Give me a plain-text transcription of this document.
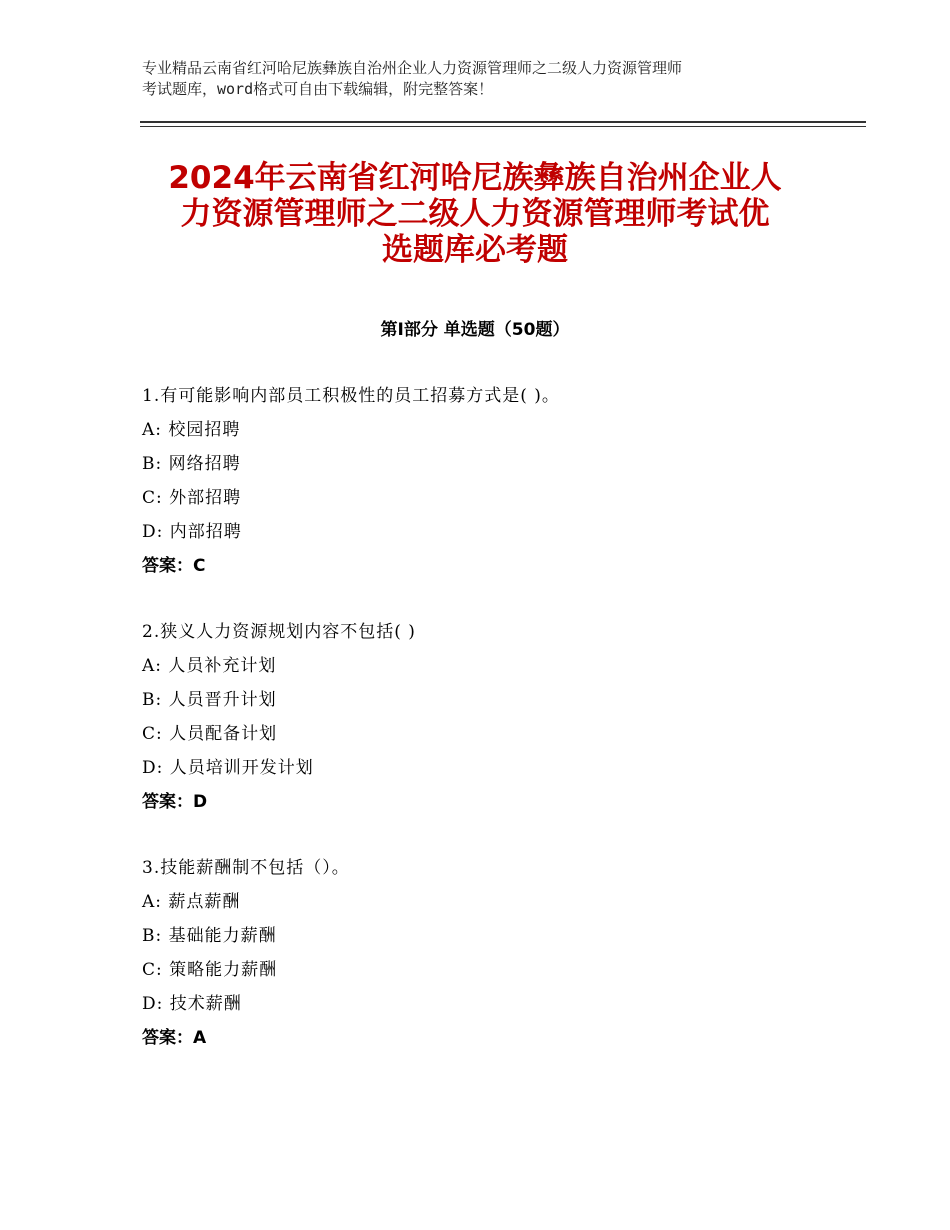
专业精品云南省红河哈尼族彝族自治州企业人力资源管理师之二级人力资源管理师
考试题库，word格式可自由下载编辑，附完整答案！
2024年云南省红河哈尼族彝族自治州企业人
力资源管理师之二级人力资源管理师考试优
选题库必考题
第Ⅰ部分 单选题（50题）
1.有可能影响内部员工积极性的员工招募方式是( )。
A: 校园招聘
B: 网络招聘
C: 外部招聘
D: 内部招聘
答案：C
2.狭义人力资源规划内容不包括( )
A: 人员补充计划
B: 人员晋升计划
C: 人员配备计划
D: 人员培训开发计划
答案：D
3.技能薪酬制不包括（）。
A: 薪点薪酬
B: 基础能力薪酬
C: 策略能力薪酬
D: 技术薪酬
答案：A
